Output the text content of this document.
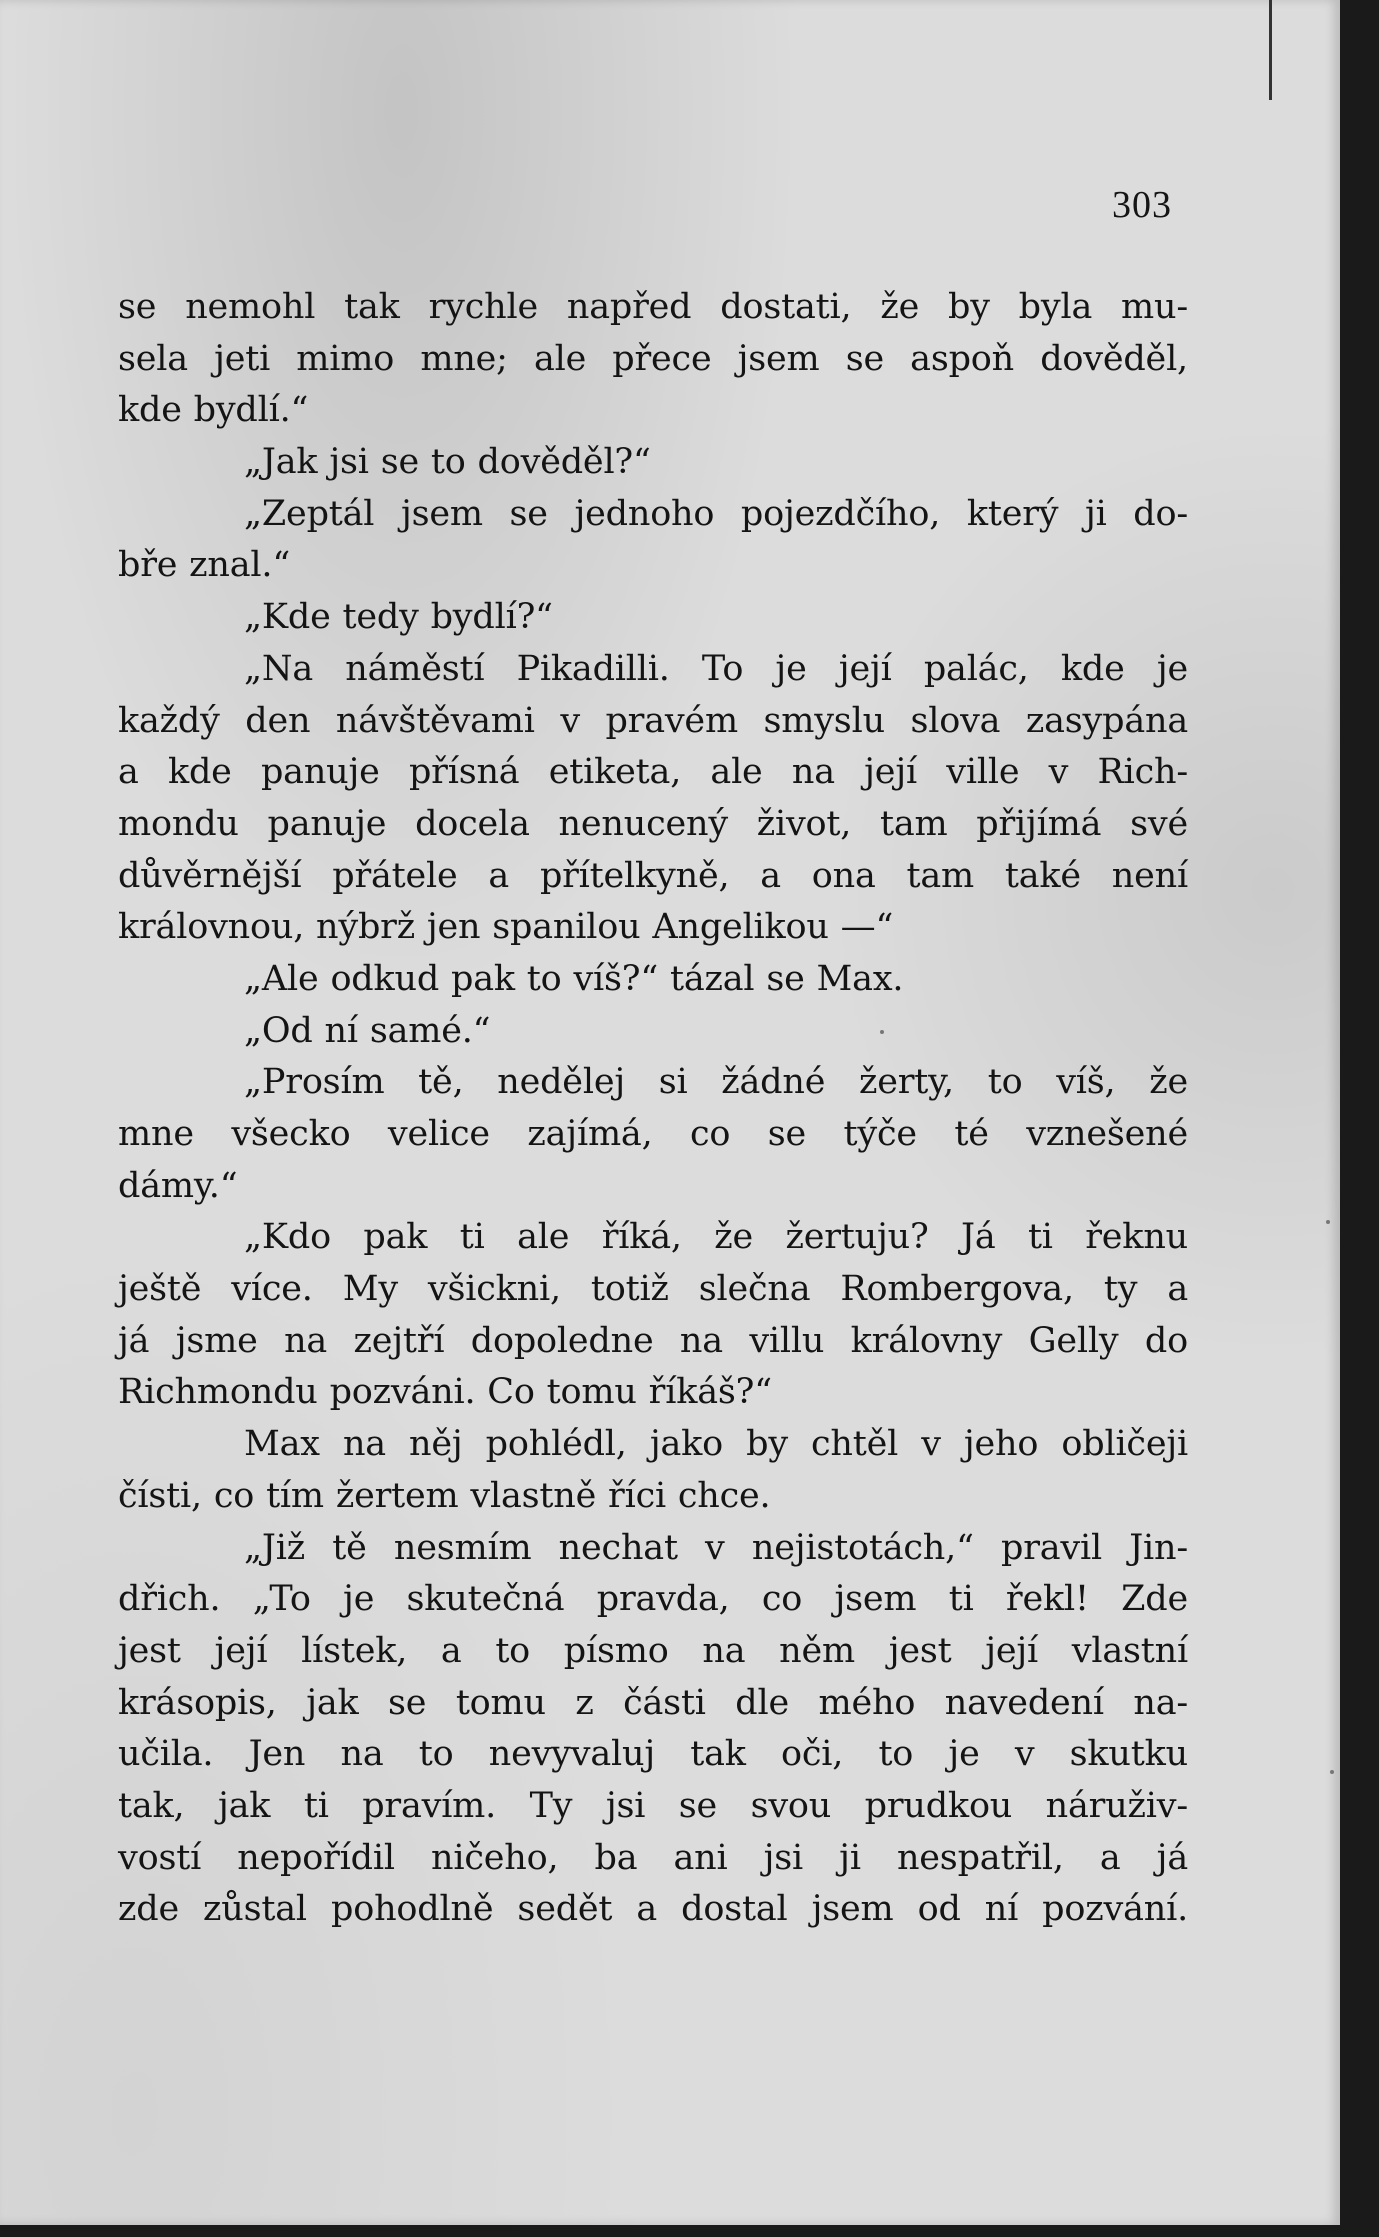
303

se nemohl tak rychle napřed dostati, že by byla mu-
sela jeti mimo mne; ale přece jsem se aspoň dověděl,
kde bydlí.“
„Jak jsi se to dověděl?“
„Zeptál jsem se jednoho pojezdčího, který ji do-
bře znal.“
„Kde tedy bydlí?“
„Na náměstí Pikadilli. To je její palác, kde je
každý den návštěvami v pravém smyslu slova zasypána
a kde panuje přísná etiketa, ale na její ville v Rich-
mondu panuje docela nenucený život, tam přijímá své
důvěrnější přátele a přítelkyně, a ona tam také není
královnou, nýbrž jen spanilou Angelikou —“
„Ale odkud pak to víš?“ tázal se Max.
„Od ní samé.“
„Prosím tě, nedělej si žádné žerty, to víš, že
mne všecko velice zajímá, co se týče té vznešené
dámy.“
„Kdo pak ti ale říká, že žertuju? Já ti řeknu
ještě více. My všickni, totiž slečna Rombergova, ty a
já jsme na zejtří dopoledne na villu královny Gelly do
Richmondu pozváni. Co tomu říkáš?“
Max na něj pohlédl, jako by chtěl v jeho obličeji
čísti, co tím žertem vlastně říci chce.
„Již tě nesmím nechat v nejistotách,“ pravil Jin-
dřich. „To je skutečná pravda, co jsem ti řekl! Zde
jest její lístek, a to písmo na něm jest její vlastní
krásopis, jak se tomu z části dle mého navedení na-
učila. Jen na to nevyvaluj tak oči, to je v skutku
tak, jak ti pravím. Ty jsi se svou prudkou náruživ-
vostí nepořídil ničeho, ba ani jsi ji nespatřil, a já
zde zůstal pohodlně sedět a dostal jsem od ní pozvání.
